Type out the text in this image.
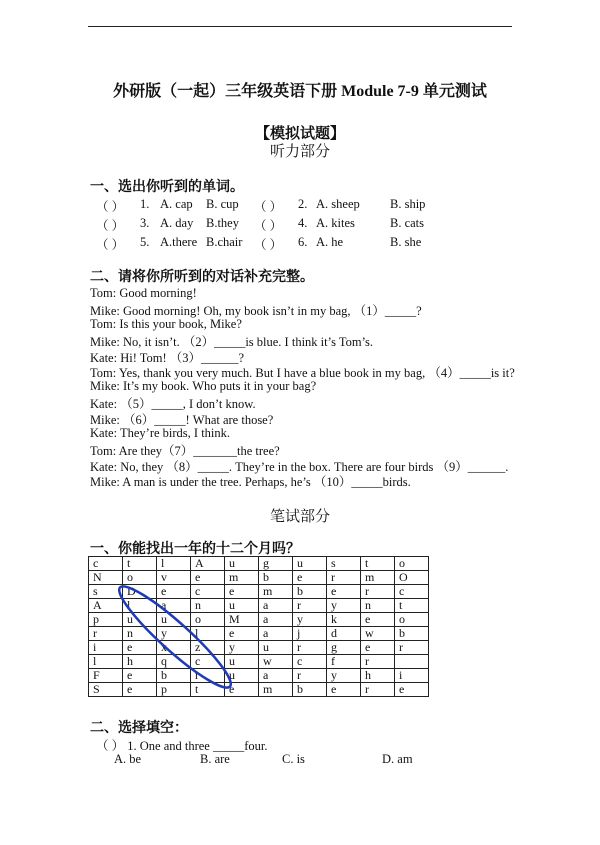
外研版（一起）三年级英语下册 Module 7-9 单元测试
【模拟试题】
听力部分
一、选出你听到的单词。
（ ） 1. A. cap B. cup （ ） 2. A. sheep B. ship
（ ） 3. A. day B.they （ ） 4. A. kites	B. cats
（ ） 5. A.there B.chair （ ） 6. A. he	B. she
二、请将你所听到的对话补充完整。
Tom: Good morning!
Mike: Good morning! Oh, my book isn’t in my bag, （1）_____?
Tom: Is this your book, Mike?
Mike: No, it isn’t. （2）_____is blue. I think it’s Tom’s.
Kate: Hi! Tom! （3）______?
Tom: Yes, thank you very much. But I have a blue book in my bag, （4）_____is it?
Mike: It’s my book. Who puts it in your bag?
Kate: （5）_____, I don’t know.
Mike: （6）_____! What are those?
Kate: They’re birds, I think.
Tom: Are they（7）_______the tree?
Kate: No, they （8）_____. They’re in the box. There are four birds （9）______.
Mike: A man is under the tree. Perhaps, he’s （10）_____birds.
笔试部分
一、你能找出一年的十二个月吗？
c	t	l	A	u	g	u	s	t	o
N	o	v	e	m	b	e	r	m	O
s	D	e	c	e	m	b	e	r	c
A	l	a	n	u	a	r	y	n	t
p	u	u	o	M	a	y	k	e	o
r	n	y	l	e	a	j	d	w	b
i	e	x	z	y	u	r	g	e	r
l	h	q	c	u	w	c	f	r	
F	e	b	r	u	a	r	y	h	i
S	e	p	t	e	m	b	e	r	e
二、选择填空：
（ ） 1. One and three _____four.
A. be	B. are	C. is	D. am
